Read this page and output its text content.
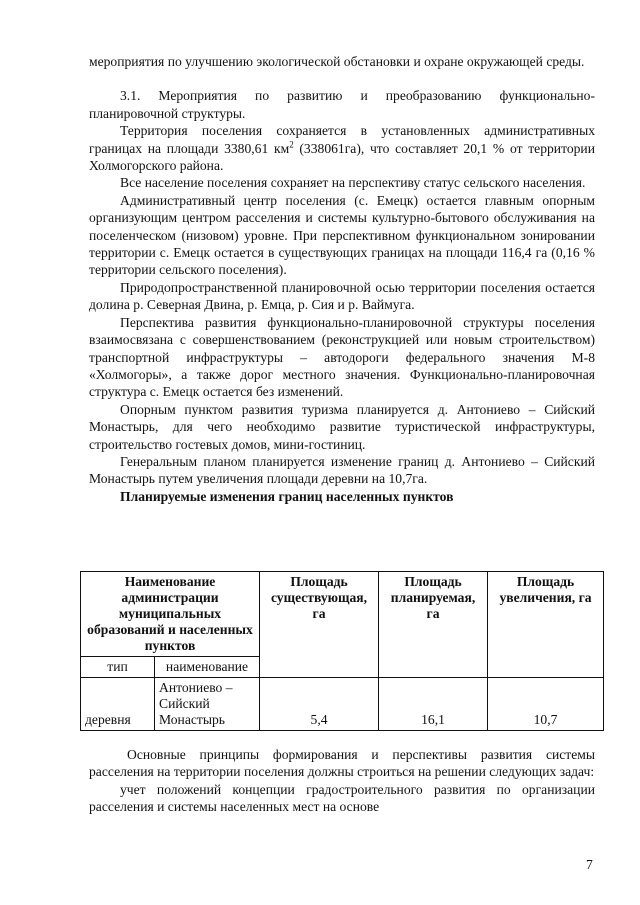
мероприятия по улучшению экологической обстановки и охране окружающей среды.

3.1. Мероприятия по развитию и преобразованию функционально-планировочной структуры.

Территория поселения сохраняется в установленных административных границах на площади 3380,61 $км^2$ (338061га), что составляет 20,1 % от территории Холмогорского района.

Все население поселения сохраняет на перспективу статус сельского населения.

Административный центр поселения (с. Емецк) остается главным опорным организующим центром расселения и системы культурно-бытового обслуживания на поселенческом (низовом) уровне. При перспективном функциональном зонировании территории с. Емецк остается в существующих границах на площади 116,4 га (0,16 % территории сельского поселения).

Природопространственной планировочной осью территории поселения остается долина р. Северная Двина, р. Емца, р. Сия и р. Ваймуга.

Перспектива развития функционально-планировочной структуры поселения взаимосвязана с совершенствованием (реконструкцией или новым строительством) транспортной инфраструктуры – автодороги федерального значения М-8 «Холмогоры», а также дорог местного значения. Функционально-планировочная структура с. Емецк остается без изменений.

Опорным пунктом развития туризма планируется д. Антониево – Сийский Монастырь, для чего необходимо развитие туристической инфраструктуры, строительство гостевых домов, мини-гостиниц.

Генеральным планом планируется изменение границ д. Антониево – Сийский Монастырь путем увеличения площади деревни на 10,7га.

Планируемые изменения границ населенных пунктов

Наименование администрации муниципальных образований и населенных пунктов		Площадь существующая, га	Площадь планируемая, га	Площадь увеличения, га
тип	наименование			
деревня	Антониево – Сийский Монастырь	5,4	16,1	10,7

Основные принципы формирования и перспективы развития системы расселения на территории поселения должны строиться на решении следующих задач:

учет положений концепции градостроительного развития по организации расселения и системы населенных мест на основе

7
